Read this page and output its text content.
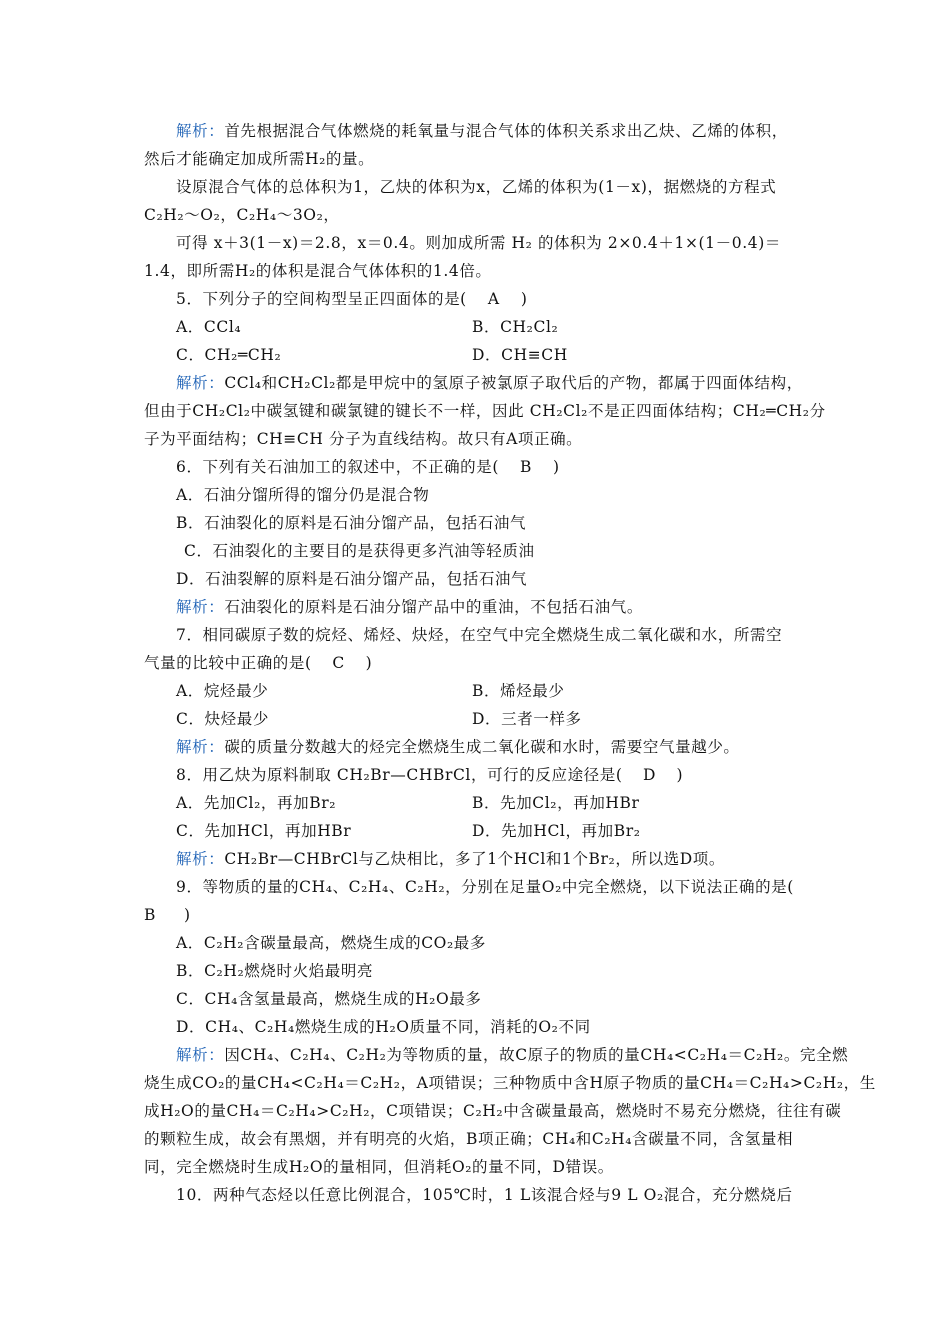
解析：首先根据混合气体燃烧的耗氧量与混合气体的体积关系求出乙炔、乙烯的体积，
然后才能确定加成所需H₂的量。
设原混合气体的总体积为1，乙炔的体积为x，乙烯的体积为(1－x)，据燃烧的方程式
C₂H₂～O₂，C₂H₄～3O₂，
可得 x＋3(1－x)＝2.8，x＝0.4。则加成所需 H₂ 的体积为 2×0.4＋1×(1－0.4)＝
1.4，即所需H₂的体积是混合气体体积的1.4倍。
5．下列分子的空间构型呈正四面体的是( A )
A．CCl₄	B．CH₂Cl₂
C．CH₂═CH₂	D．CH≡CH
解析：CCl₄和CH₂Cl₂都是甲烷中的氢原子被氯原子取代后的产物，都属于四面体结构，
但由于CH₂Cl₂中碳氢键和碳氯键的键长不一样，因此 CH₂Cl₂不是正四面体结构；CH₂═CH₂分
子为平面结构；CH≡CH 分子为直线结构。故只有A项正确。
6．下列有关石油加工的叙述中，不正确的是( B )
A．石油分馏所得的馏分仍是混合物
B．石油裂化的原料是石油分馏产品，包括石油气
C．石油裂化的主要目的是获得更多汽油等轻质油
D．石油裂解的原料是石油分馏产品，包括石油气
解析：石油裂化的原料是石油分馏产品中的重油，不包括石油气。
7．相同碳原子数的烷烃、烯烃、炔烃，在空气中完全燃烧生成二氧化碳和水，所需空
气量的比较中正确的是( C )
A．烷烃最少	B．烯烃最少
C．炔烃最少	D．三者一样多
解析：碳的质量分数越大的烃完全燃烧生成二氧化碳和水时，需要空气量越少。
8．用乙炔为原料制取 CH₂Br—CHBrCl，可行的反应途径是( D )
A．先加Cl₂，再加Br₂	B．先加Cl₂，再加HBr
C．先加HCl，再加HBr	D．先加HCl，再加Br₂
解析：CH₂Br—CHBrCl与乙炔相比，多了1个HCl和1个Br₂，所以选D项。
9．等物质的量的CH₄、C₂H₄、C₂H₂，分别在足量O₂中完全燃烧，以下说法正确的是(
B )
A．C₂H₂含碳量最高，燃烧生成的CO₂最多
B．C₂H₂燃烧时火焰最明亮
C．CH₄含氢量最高，燃烧生成的H₂O最多
D．CH₄、C₂H₄燃烧生成的H₂O质量不同，消耗的O₂不同
解析：因CH₄、C₂H₄、C₂H₂为等物质的量，故C原子的物质的量CH₄<C₂H₄＝C₂H₂。完全燃
烧生成CO₂的量CH₄<C₂H₄＝C₂H₂，A项错误；三种物质中含H原子物质的量CH₄＝C₂H₄>C₂H₂，生
成H₂O的量CH₄＝C₂H₄>C₂H₂，C项错误；C₂H₂中含碳量最高，燃烧时不易充分燃烧，往往有碳
的颗粒生成，故会有黑烟，并有明亮的火焰，B项正确；CH₄和C₂H₄含碳量不同，含氢量相
同，完全燃烧时生成H₂O的量相同，但消耗O₂的量不同，D错误。
10．两种气态烃以任意比例混合，105℃时，1 L该混合烃与9 L O₂混合，充分燃烧后
